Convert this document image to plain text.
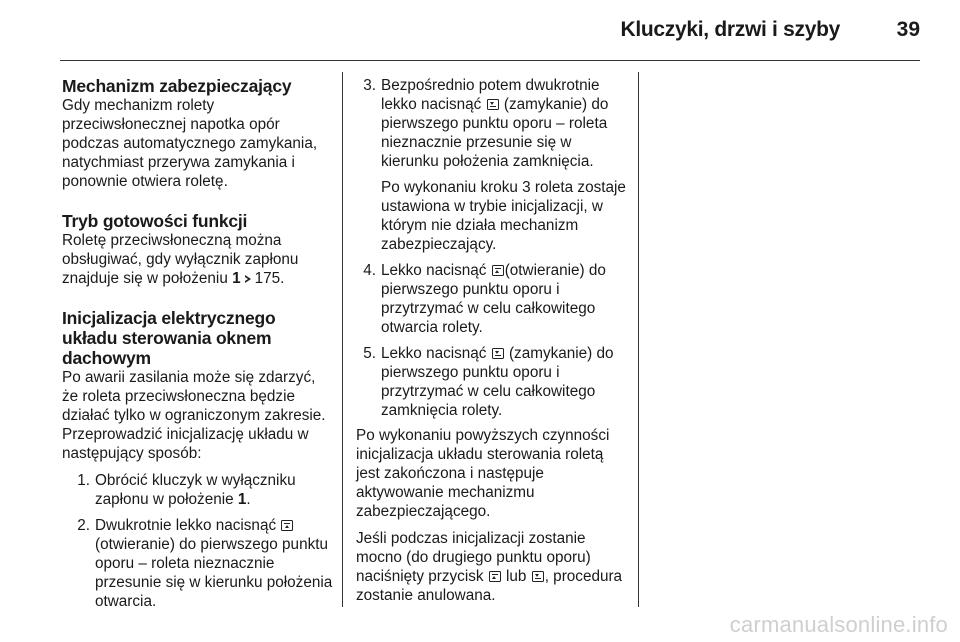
Kluczyki, drzwi i szyby	39
Mechanizm zabezpieczający

Gdy mechanizm rolety przeciwsłonecznej napotka opór podczas automatycznego zamykania, natychmiast przerywa zamykania i ponownie otwiera roletę.

Tryb gotowości funkcji

Roletę przeciwsłoneczną można obsługiwać, gdy wyłącznik zapłonu znajduje się w położeniu 1 175.

Inicjalizacja elektrycznego układu sterowania oknem dachowym

Po awarii zasilania może się zdarzyć, że roleta przeciwsłoneczna będzie działać tylko w ograniczonym zakresie. Przeprowadzić inicjalizację układu w następujący sposób:

1. Obrócić kluczyk w wyłączniku zapłonu w położenie 1.
2. Dwukrotnie lekko nacisnąć
(otwieranie) do pierwszego punktu oporu – roleta nieznacznie przesunie się w kierunku położenia otwarcia.
3. Bezpośrednio potem dwukrotnie lekko nacisnąć (zamykanie) do pierwszego punktu oporu – roleta nieznacznie przesunie się w kierunku położenia zamknięcia.
Po wykonaniu kroku 3 roleta zostaje ustawiona w trybie inicjalizacji, w którym nie działa mechanizm zabezpieczający.
4. Lekko nacisnąć (otwieranie) do pierwszego punktu oporu i przytrzymać w celu całkowitego otwarcia rolety.
5. Lekko nacisnąć (zamykanie) do pierwszego punktu oporu i przytrzymać w celu całkowitego zamknięcia rolety.

Po wykonaniu powyższych czynności inicjalizacja układu sterowania roletą jest zakończona i następuje aktywowanie mechanizmu zabezpieczającego.

Jeśli podczas inicjalizacji zostanie mocno (do drugiego punktu oporu) naciśnięty przycisk lub , procedura zostanie anulowana.

carmanualsonline.info
